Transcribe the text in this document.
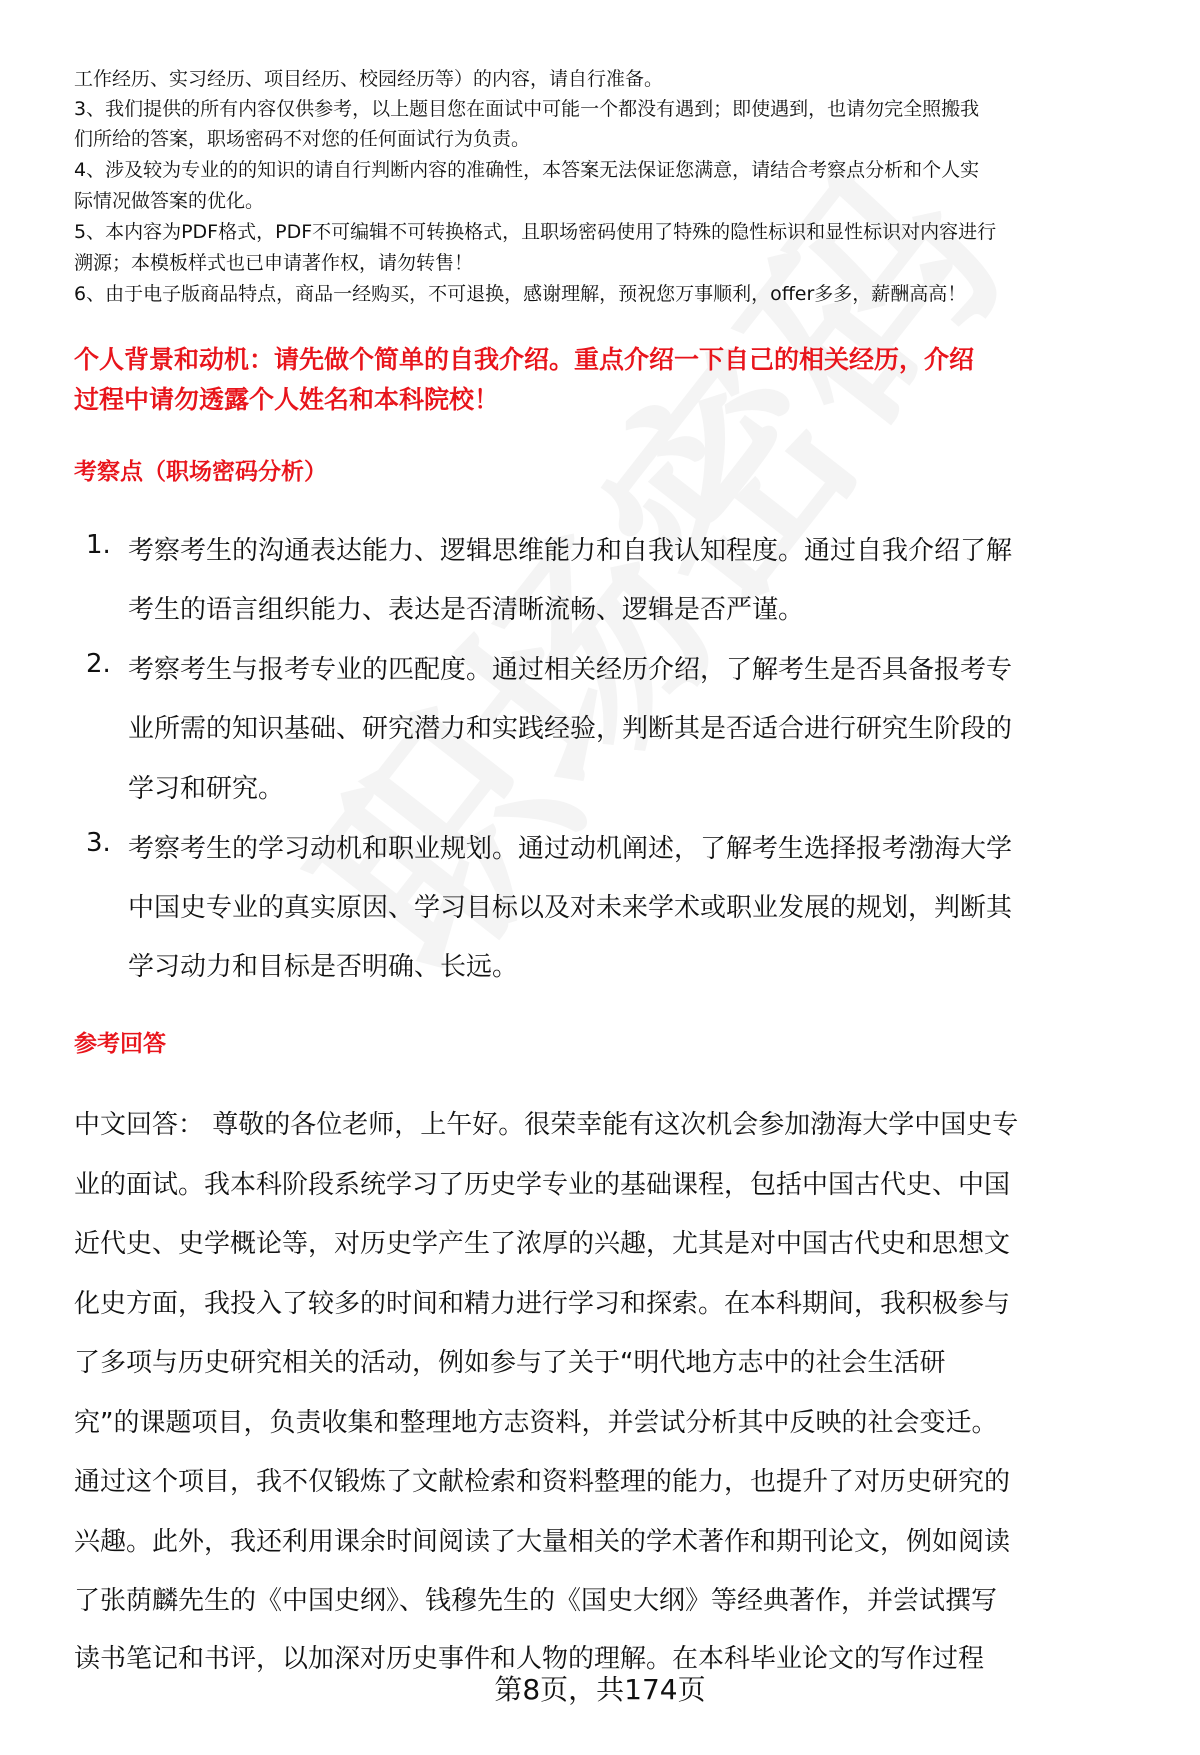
工作经历、实习经历、项目经历、校园经历等）的内容，请自行准备。
3、我们提供的所有内容仅供参考，以上题目您在面试中可能一个都没有遇到；即使遇到，也请勿完全照搬我
们所给的答案，职场密码不对您的任何面试行为负责。
4、涉及较为专业的的知识的请自行判断内容的准确性，本答案无法保证您满意，请结合考察点分析和个人实
际情况做答案的优化。
5、本内容为PDF格式，PDF不可编辑不可转换格式，且职场密码使用了特殊的隐性标识和显性标识对内容进行
溯源；本模板样式也已申请著作权，请勿转售！
6、由于电子版商品特点，商品一经购买，不可退换，感谢理解，预祝您万事顺利，offer多多，薪酬高高！
个人背景和动机：请先做个简单的自我介绍。重点介绍一下自己的相关经历，介绍
过程中请勿透露个人姓名和本科院校！
考察点（职场密码分析）
1. 考察考生的沟通表达能力、逻辑思维能力和自我认知程度。通过自我介绍了解
考生的语言组织能力、表达是否清晰流畅、逻辑是否严谨。
2. 考察考生与报考专业的匹配度。通过相关经历介绍，了解考生是否具备报考专
业所需的知识基础、研究潜力和实践经验，判断其是否适合进行研究生阶段的
学习和研究。
3. 考察考生的学习动机和职业规划。通过动机阐述，了解考生选择报考渤海大学
中国史专业的真实原因、学习目标以及对未来学术或职业发展的规划，判断其
学习动力和目标是否明确、长远。
参考回答
中文回答： 尊敬的各位老师，上午好。很荣幸能有这次机会参加渤海大学中国史专
业的面试。我本科阶段系统学习了历史学专业的基础课程，包括中国古代史、中国
近代史、史学概论等，对历史学产生了浓厚的兴趣，尤其是对中国古代史和思想文
化史方面，我投入了较多的时间和精力进行学习和探索。在本科期间，我积极参与
了多项与历史研究相关的活动，例如参与了关于“明代地方志中的社会生活研
究”的课题项目，负责收集和整理地方志资料，并尝试分析其中反映的社会变迁。
通过这个项目，我不仅锻炼了文献检索和资料整理的能力，也提升了对历史研究的
兴趣。此外，我还利用课余时间阅读了大量相关的学术著作和期刊论文，例如阅读
了张荫麟先生的《中国史纲》、钱穆先生的《国史大纲》等经典著作，并尝试撰写
读书笔记和书评，以加深对历史事件和人物的理解。在本科毕业论文的写作过程
第8页，共174页
